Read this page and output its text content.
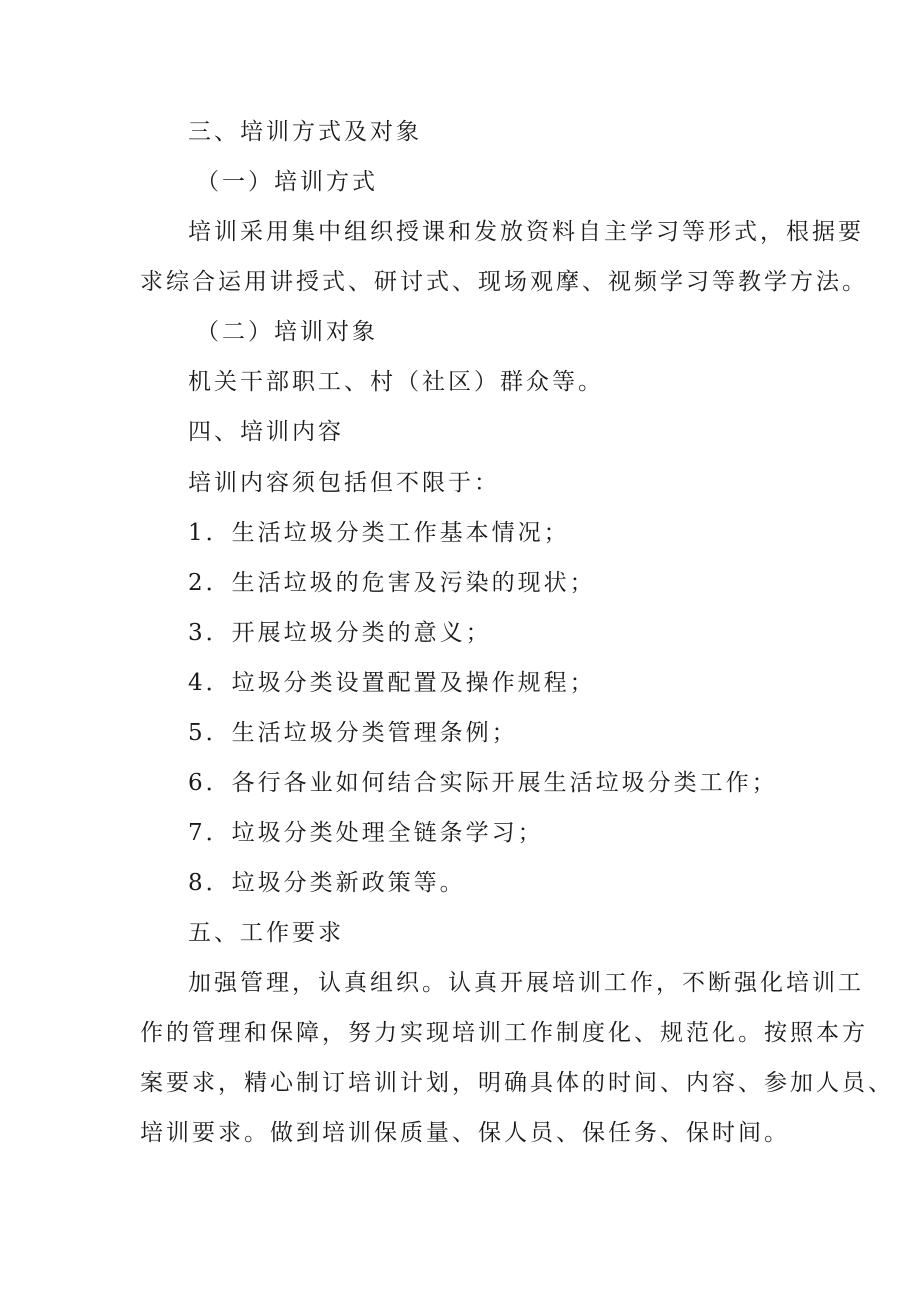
三、培训方式及对象
（一）培训方式
培训采用集中组织授课和发放资料自主学习等形式，根据要
求综合运用讲授式、研讨式、现场观摩、视频学习等教学方法。
（二）培训对象
机关干部职工、村（社区）群众等。
四、培训内容
培训内容须包括但不限于：
1．生活垃圾分类工作基本情况；
2．生活垃圾的危害及污染的现状；
3．开展垃圾分类的意义；
4．垃圾分类设置配置及操作规程；
5．生活垃圾分类管理条例；
6．各行各业如何结合实际开展生活垃圾分类工作；
7．垃圾分类处理全链条学习；
8．垃圾分类新政策等。
五、工作要求
加强管理，认真组织。认真开展培训工作，不断强化培训工
作的管理和保障，努力实现培训工作制度化、规范化。按照本方
案要求，精心制订培训计划，明确具体的时间、内容、参加人员、
培训要求。做到培训保质量、保人员、保任务、保时间。
